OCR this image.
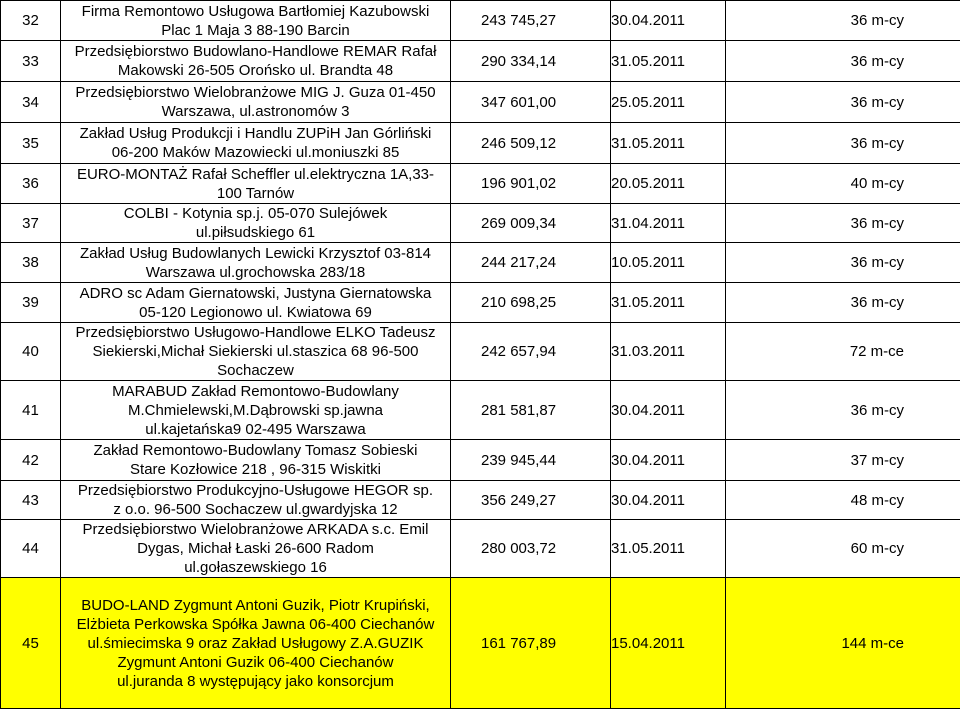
32	Firma Remontowo Usługowa Bartłomiej Kazubowski
Plac 1 Maja 3 88-190 Barcin	243 745,27	30.04.2011	36 m-cy
33	Przedsiębiorstwo Budowlano-Handlowe REMAR Rafał
Makowski 26-505 Orońsko ul. Brandta 48	290 334,14	31.05.2011	36 m-cy
34	Przedsiębiorstwo Wielobranżowe MIG J. Guza 01-450
Warszawa, ul.astronomów 3	347 601,00	25.05.2011	36 m-cy
35	Zakład Usług Produkcji i Handlu ZUPiH Jan Górliński
06-200 Maków Mazowiecki ul.moniuszki 85	246 509,12	31.05.2011	36 m-cy
36	EURO-MONTAŻ Rafał Scheffler ul.elektryczna 1A,33-
100 Tarnów	196 901,02	20.05.2011	40 m-cy
37	COLBI - Kotynia sp.j. 05-070 Sulejówek
ul.piłsudskiego 61	269 009,34	31.04.2011	36 m-cy
38	Zakład Usług Budowlanych Lewicki Krzysztof 03-814
Warszawa ul.grochowska 283/18	244 217,24	10.05.2011	36 m-cy
39	ADRO sc Adam Giernatowski, Justyna Giernatowska
05-120 Legionowo ul. Kwiatowa 69	210 698,25	31.05.2011	36 m-cy
40	Przedsiębiorstwo Usługowo-Handlowe ELKO Tadeusz
Siekierski,Michał Siekierski ul.staszica 68 96-500
Sochaczew	242 657,94	31.03.2011	72 m-ce
41	MARABUD Zakład Remontowo-Budowlany
M.Chmielewski,M.Dąbrowski sp.jawna
ul.kajetańska9 02-495 Warszawa	281 581,87	30.04.2011	36 m-cy
42	Zakład Remontowo-Budowlany Tomasz Sobieski
Stare Kozłowice 218 , 96-315 Wiskitki	239 945,44	30.04.2011	37 m-cy
43	Przedsiębiorstwo Produkcyjno-Usługowe HEGOR sp.
z o.o. 96-500 Sochaczew ul.gwardyjska 12	356 249,27	30.04.2011	48 m-cy
44	Przedsiębiorstwo Wielobranżowe ARKADA s.c. Emil
Dygas, Michał Łaski 26-600 Radom
ul.gołaszewskiego 16	280 003,72	31.05.2011	60 m-cy
45	BUDO-LAND Zygmunt Antoni Guzik, Piotr Krupiński,
Elżbieta Perkowska Spółka Jawna 06-400 Ciechanów
ul.śmiecimska 9 oraz Zakład Usługowy Z.A.GUZIK
Zygmunt Antoni Guzik 06-400 Ciechanów
ul.juranda 8 występujący jako konsorcjum	161 767,89	15.04.2011	144 m-ce
